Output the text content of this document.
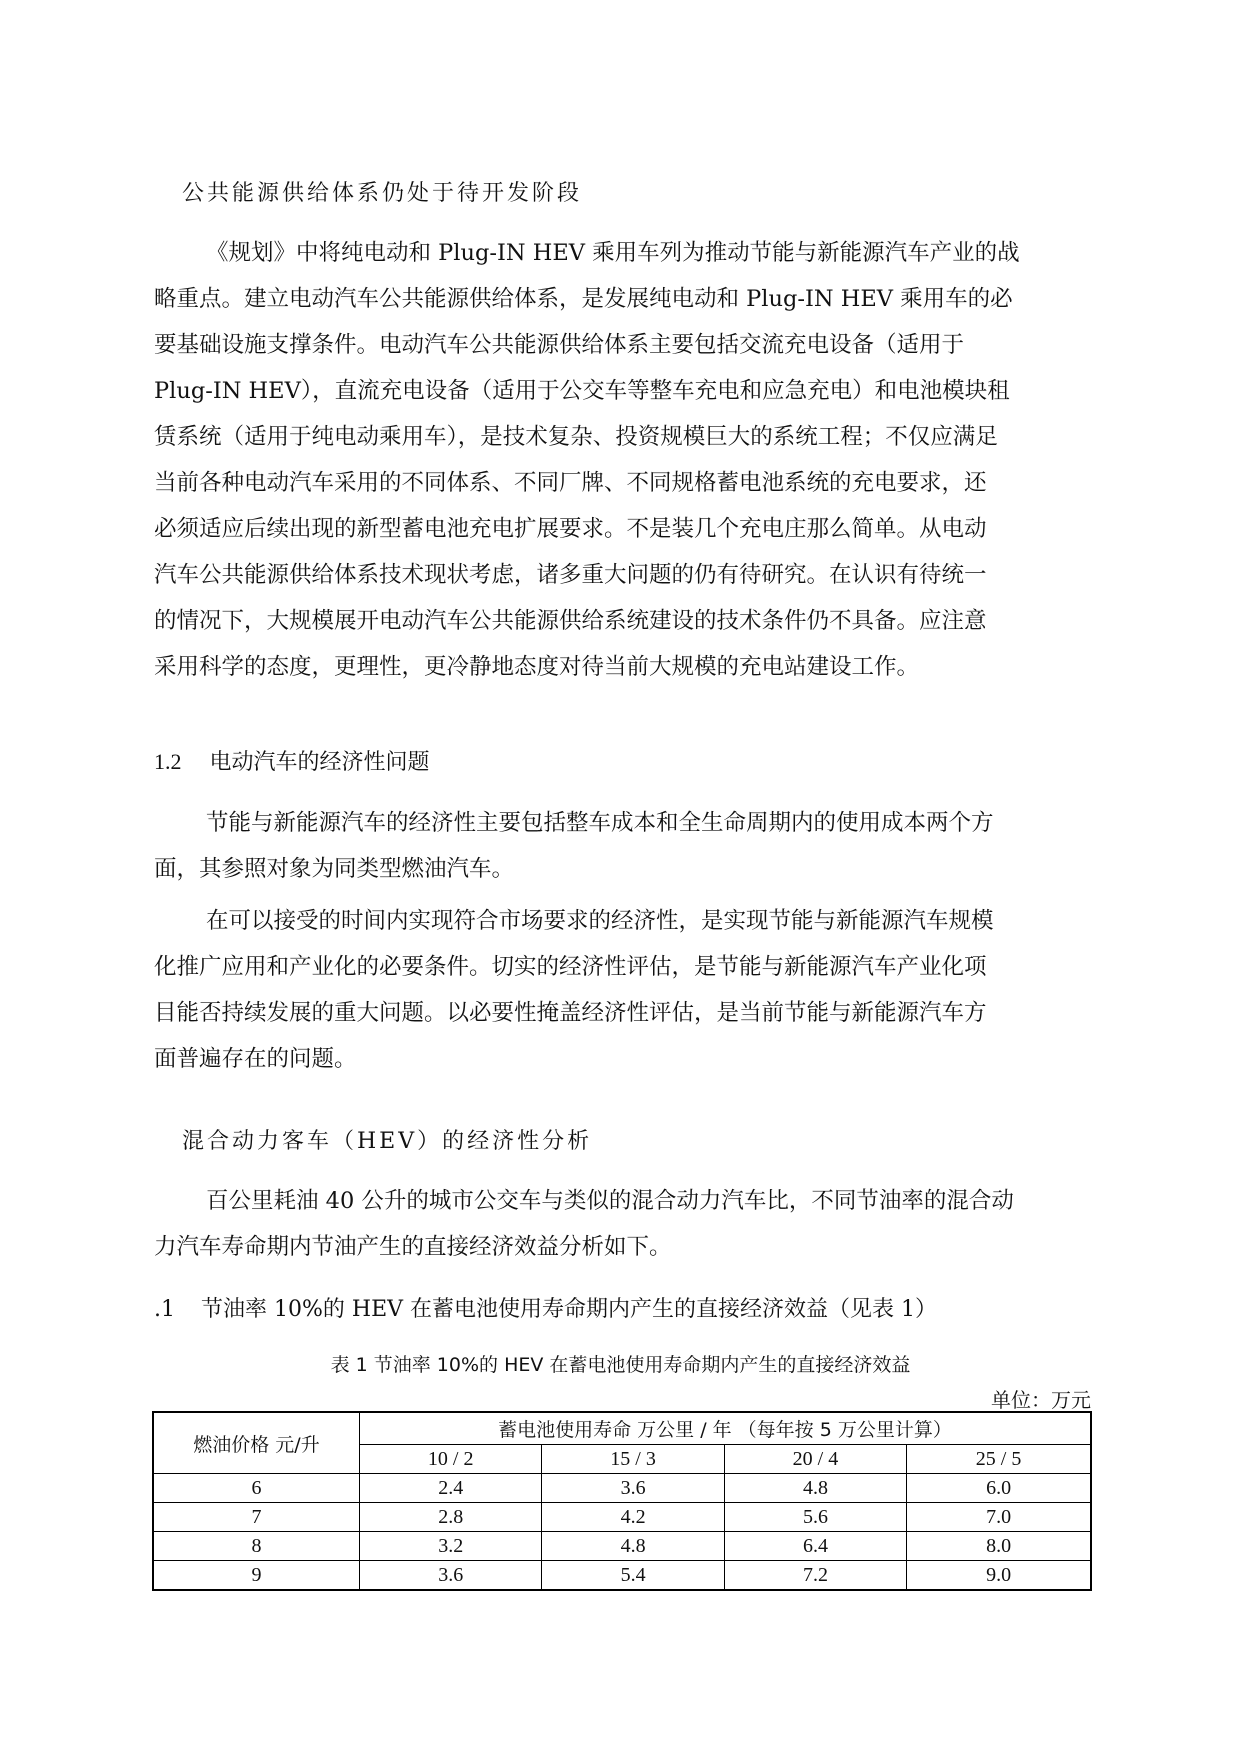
公共能源供给体系仍处于待开发阶段
《规划》中将纯电动和 Plug-IN HEV 乘用车列为推动节能与新能源汽车产业的战
略重点。建立电动汽车公共能源供给体系，是发展纯电动和 Plug-IN HEV 乘用车的必
要基础设施支撑条件。电动汽车公共能源供给体系主要包括交流充电设备（适用于
Plug-IN HEV），直流充电设备（适用于公交车等整车充电和应急充电）和电池模块租
赁系统（适用于纯电动乘用车），是技术复杂、投资规模巨大的系统工程；不仅应满足
当前各种电动汽车采用的不同体系、不同厂牌、不同规格蓄电池系统的充电要求，还
必须适应后续出现的新型蓄电池充电扩展要求。不是装几个充电庄那么简单。从电动
汽车公共能源供给体系技术现状考虑，诸多重大问题的仍有待研究。在认识有待统一
的情况下，大规模展开电动汽车公共能源供给系统建设的技术条件仍不具备。应注意
采用科学的态度，更理性，更冷静地态度对待当前大规模的充电站建设工作。
1.2 电动汽车的经济性问题
节能与新能源汽车的经济性主要包括整车成本和全生命周期内的使用成本两个方
面，其参照对象为同类型燃油汽车。
在可以接受的时间内实现符合市场要求的经济性，是实现节能与新能源汽车规模
化推广应用和产业化的必要条件。切实的经济性评估，是节能与新能源汽车产业化项
目能否持续发展的重大问题。以必要性掩盖经济性评估，是当前节能与新能源汽车方
面普遍存在的问题。
混合动力客车（HEV）的经济性分析
百公里耗油 40 公升的城市公交车与类似的混合动力汽车比，不同节油率的混合动
力汽车寿命期内节油产生的直接经济效益分析如下。
.1 节油率 10%的 HEV 在蓄电池使用寿命期内产生的直接经济效益（见表 1）
表 1 节油率 10%的 HEV 在蓄电池使用寿命期内产生的直接经济效益
单位：万元
燃油价格 元/升	蓄电池使用寿命 万公里 / 年 （每年按 5 万公里计算）			
	10 / 2	15 / 3	20 / 4	25 / 5
6	2.4	3.6	4.8	6.0
7	2.8	4.2	5.6	7.0
8	3.2	4.8	6.4	8.0
9	3.6	5.4	7.2	9.0
